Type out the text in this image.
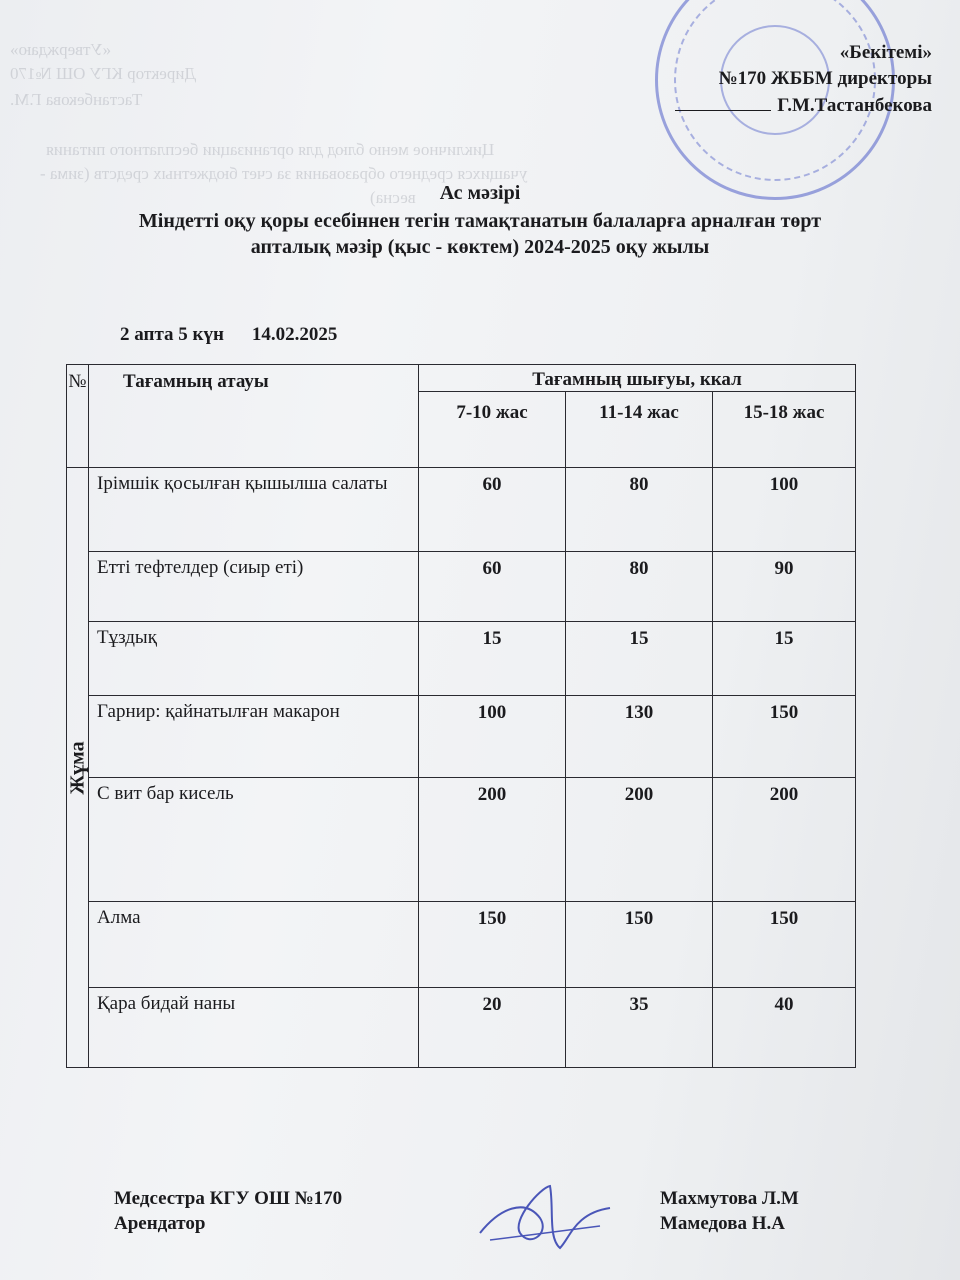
«Утверждаю»
Директор КГУ ОШ №170
Тастанбекова Г.М.
Цикличное меню блюд для организации бесплатного питания
учащихся среднего образования за счет бюджетных средств (зима -
весна)
«Бекітемі»
№170 ЖББМ директоры
Г.М.Тастанбекова
Ас мәзірі
Міндетті оқу қоры есебіннен тегін тамақтанатын балаларға арналған төрт
апталық мәзір (қыс - көктем) 2024-2025 оқу жылы
2 апта 5 күн 14.02.2025
№	Тағамның атауы	Тағамның шығуы, ккал		
		7-10 жас	11-14 жас	15-18 жас

Жұма	Ірімшік қосылған қышылша салаты	60	80	100
	Етті тефтелдер (сиыр еті)	60	80	90
	Тұздық	15	15	15
	Гарнир: қайнатылған макарон	100	130	150
	С вит бар кисель	200	200	200
	Алма	150	150	150
	Қара бидай наны	20	35	40
Медсестра КГУ ОШ №170
Арендатор
Махмутова Л.М
Мамедова Н.А
